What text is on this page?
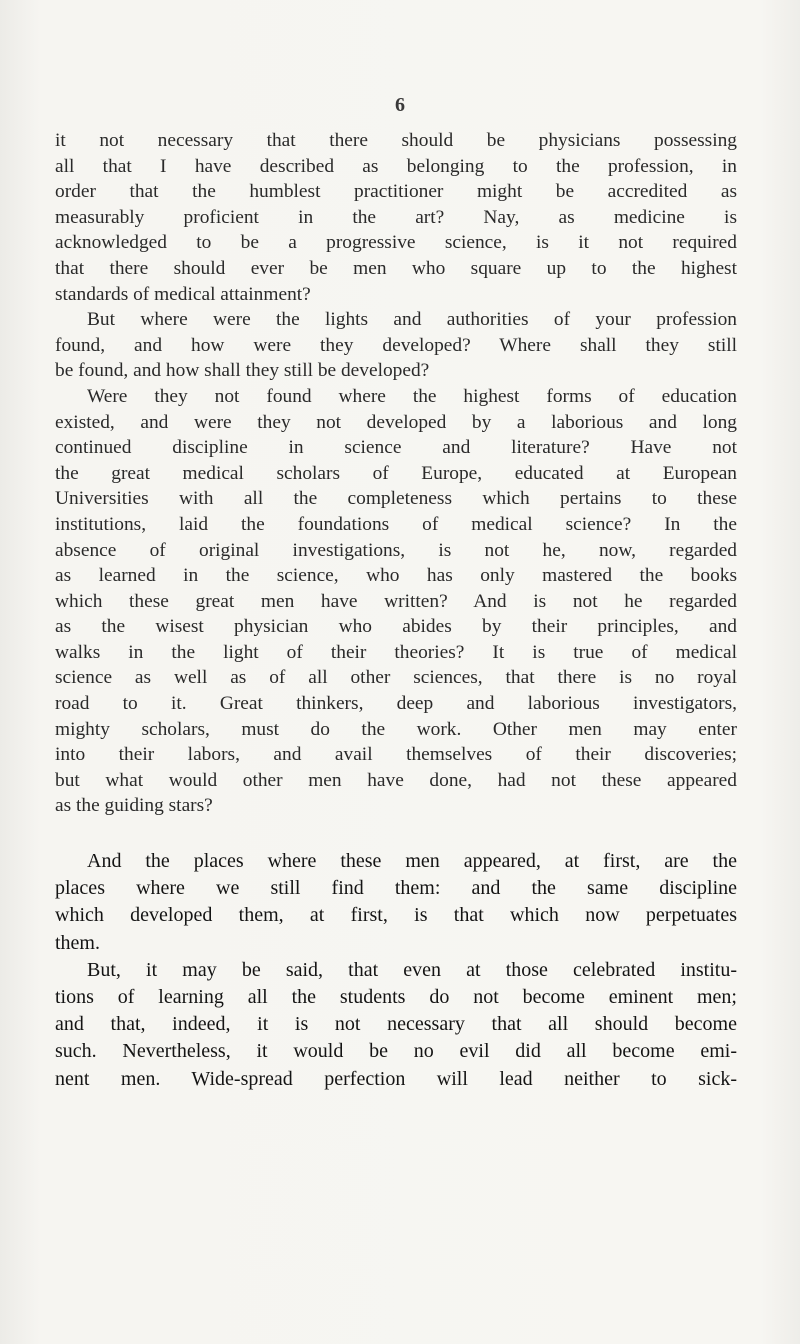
6
it not necessary that there should be physicians possessing
all that I have described as belonging to the profession, in
order that the humblest practitioner might be accredited as
measurably proficient in the art? Nay, as medicine is
acknowledged to be a progressive science, is it not required
that there should ever be men who square up to the highest
standards of medical attainment?
But where were the lights and authorities of your profession
found, and how were they developed? Where shall they still
be found, and how shall they still be developed?
Were they not found where the highest forms of education
existed, and were they not developed by a laborious and long
continued discipline in science and literature? Have not
the great medical scholars of Europe, educated at European
Universities with all the completeness which pertains to these
institutions, laid the foundations of medical science? In the
absence of original investigations, is not he, now, regarded
as learned in the science, who has only mastered the books
which these great men have written? And is not he regarded
as the wisest physician who abides by their principles, and
walks in the light of their theories? It is true of medical
science as well as of all other sciences, that there is no royal
road to it. Great thinkers, deep and laborious investigators,
mighty scholars, must do the work. Other men may enter
into their labors, and avail themselves of their discoveries;
but what would other men have done, had not these appeared
as the guiding stars?
And the places where these men appeared, at first, are the
places where we still find them: and the same discipline
which developed them, at first, is that which now perpetuates
them.
But, it may be said, that even at those celebrated institu-
tions of learning all the students do not become eminent men;
and that, indeed, it is not necessary that all should become
such. Nevertheless, it would be no evil did all become emi-
nent men. Wide-spread perfection will lead neither to sick-
